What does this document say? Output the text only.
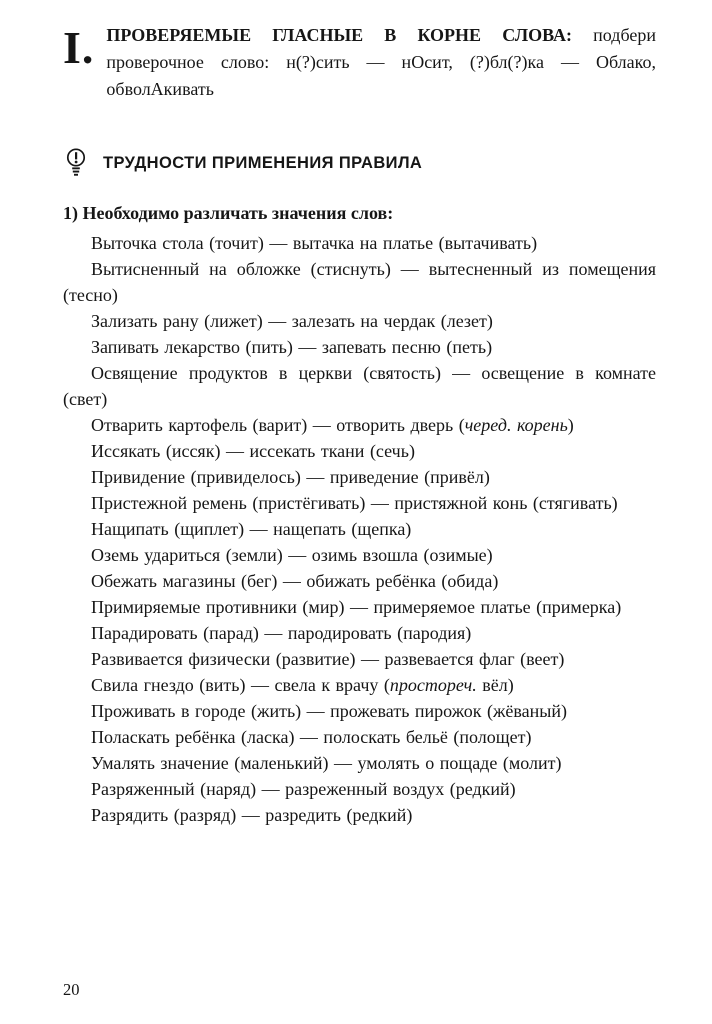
I. ПРОВЕРЯЕМЫЕ ГЛАСНЫЕ В КОРНЕ СЛОВА: подбери проверочное слово: н(?)сить — нОсит, (?)бл(?)ка — Облако, обволАкивать

ТРУДНОСТИ ПРИМЕНЕНИЯ ПРАВИЛА
1) Необходимо различать значения слов:

Выточка стола (точит) — вытачка на платье (вытачивать)

Вытисненный на обложке (стиснуть) — вытесненный из помещения (тесно)

Зализать рану (лижет) — залезать на чердак (лезет)

Запивать лекарство (пить) — запевать песню (петь)

Освящение продуктов в церкви (святость) — освещение в комнате (свет)

Отварить картофель (варит) — отворить дверь (черед. корень)

Иссякать (иссяк) — иссекать ткани (сечь)

Привидение (привиделось) — приведение (привёл)

Пристежной ремень (пристёгивать) — пристяжной конь (стягивать)

Нащипать (щиплет) — нащепать (щепка)

Оземь удариться (земли) — озимь взошла (озимые)

Обежать магазины (бег) — обижать ребёнка (обида)

Примиряемые противники (мир) — примеряемое платье (примерка)

Парадировать (парад) — пародировать (пародия)

Развивается физически (развитие) — развевается флаг (веет)

Свила гнездо (вить) — свела к врачу (простореч. вёл)

Проживать в городе (жить) — прожевать пирожок (жёваный)

Поласкать ребёнка (ласка) — полоскать бельё (полощет)

Умалять значение (маленький) — умолять о пощаде (молит)

Разряженный (наряд) — разреженный воздух (редкий)

Разрядить (разряд) — разредить (редкий)

20
